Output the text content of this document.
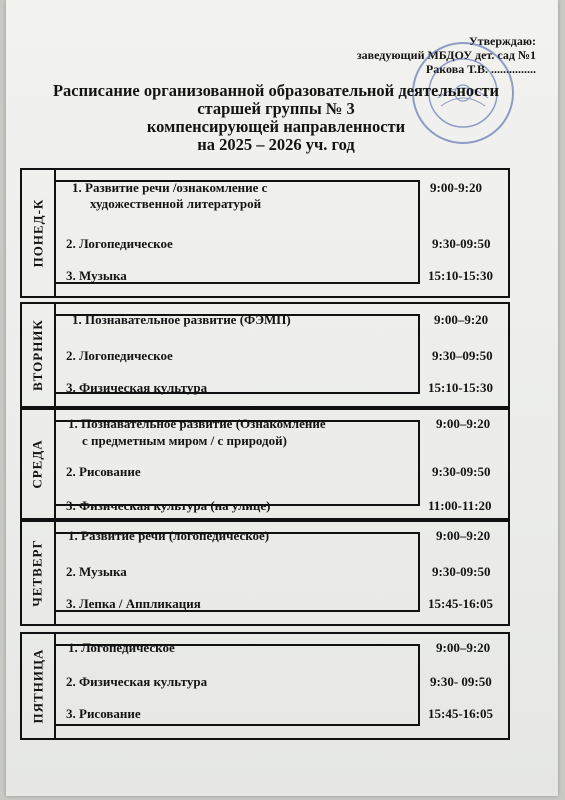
Утверждаю:
заведующий МБДОУ дет. сад №1
Ракова Т.В. ...............
Расписание организованной образовательной деятельности
старшей группы № 3
компенсирующей направленности
на 2025 – 2026 уч. год
ПОНЕД-К
1. Развитие речи /ознакомление с
художественной литературой
9:00-9:20
2. Логопедическое	9:30-09:50
3. Музыка	15:10-15:30
ВТОРНИК 1. Познавательное развитие (ФЭМП)	9:00–9:20
2. Логопедическое	9:30–09:50
3. Физическая культура	15:10-15:30
СРЕДА
1. Познавательное развитие (Ознакомление
с предметным миром / с природой)
9:00–9:20
2. Рисование	9:30-09:50
3. Физическая культура (на улице)	11:00-11:20
ЧЕТВЕРГ
1. Развитие речи (логопедическое)	9:00–9:20
2. Музыка	9:30-09:50
3. Лепка / Аппликация	15:45-16:05
ПЯТНИЦА
1. Логопедическое	9:00–9:20
2. Физическая культура	9:30- 09:50
3. Рисование	15:45-16:05
